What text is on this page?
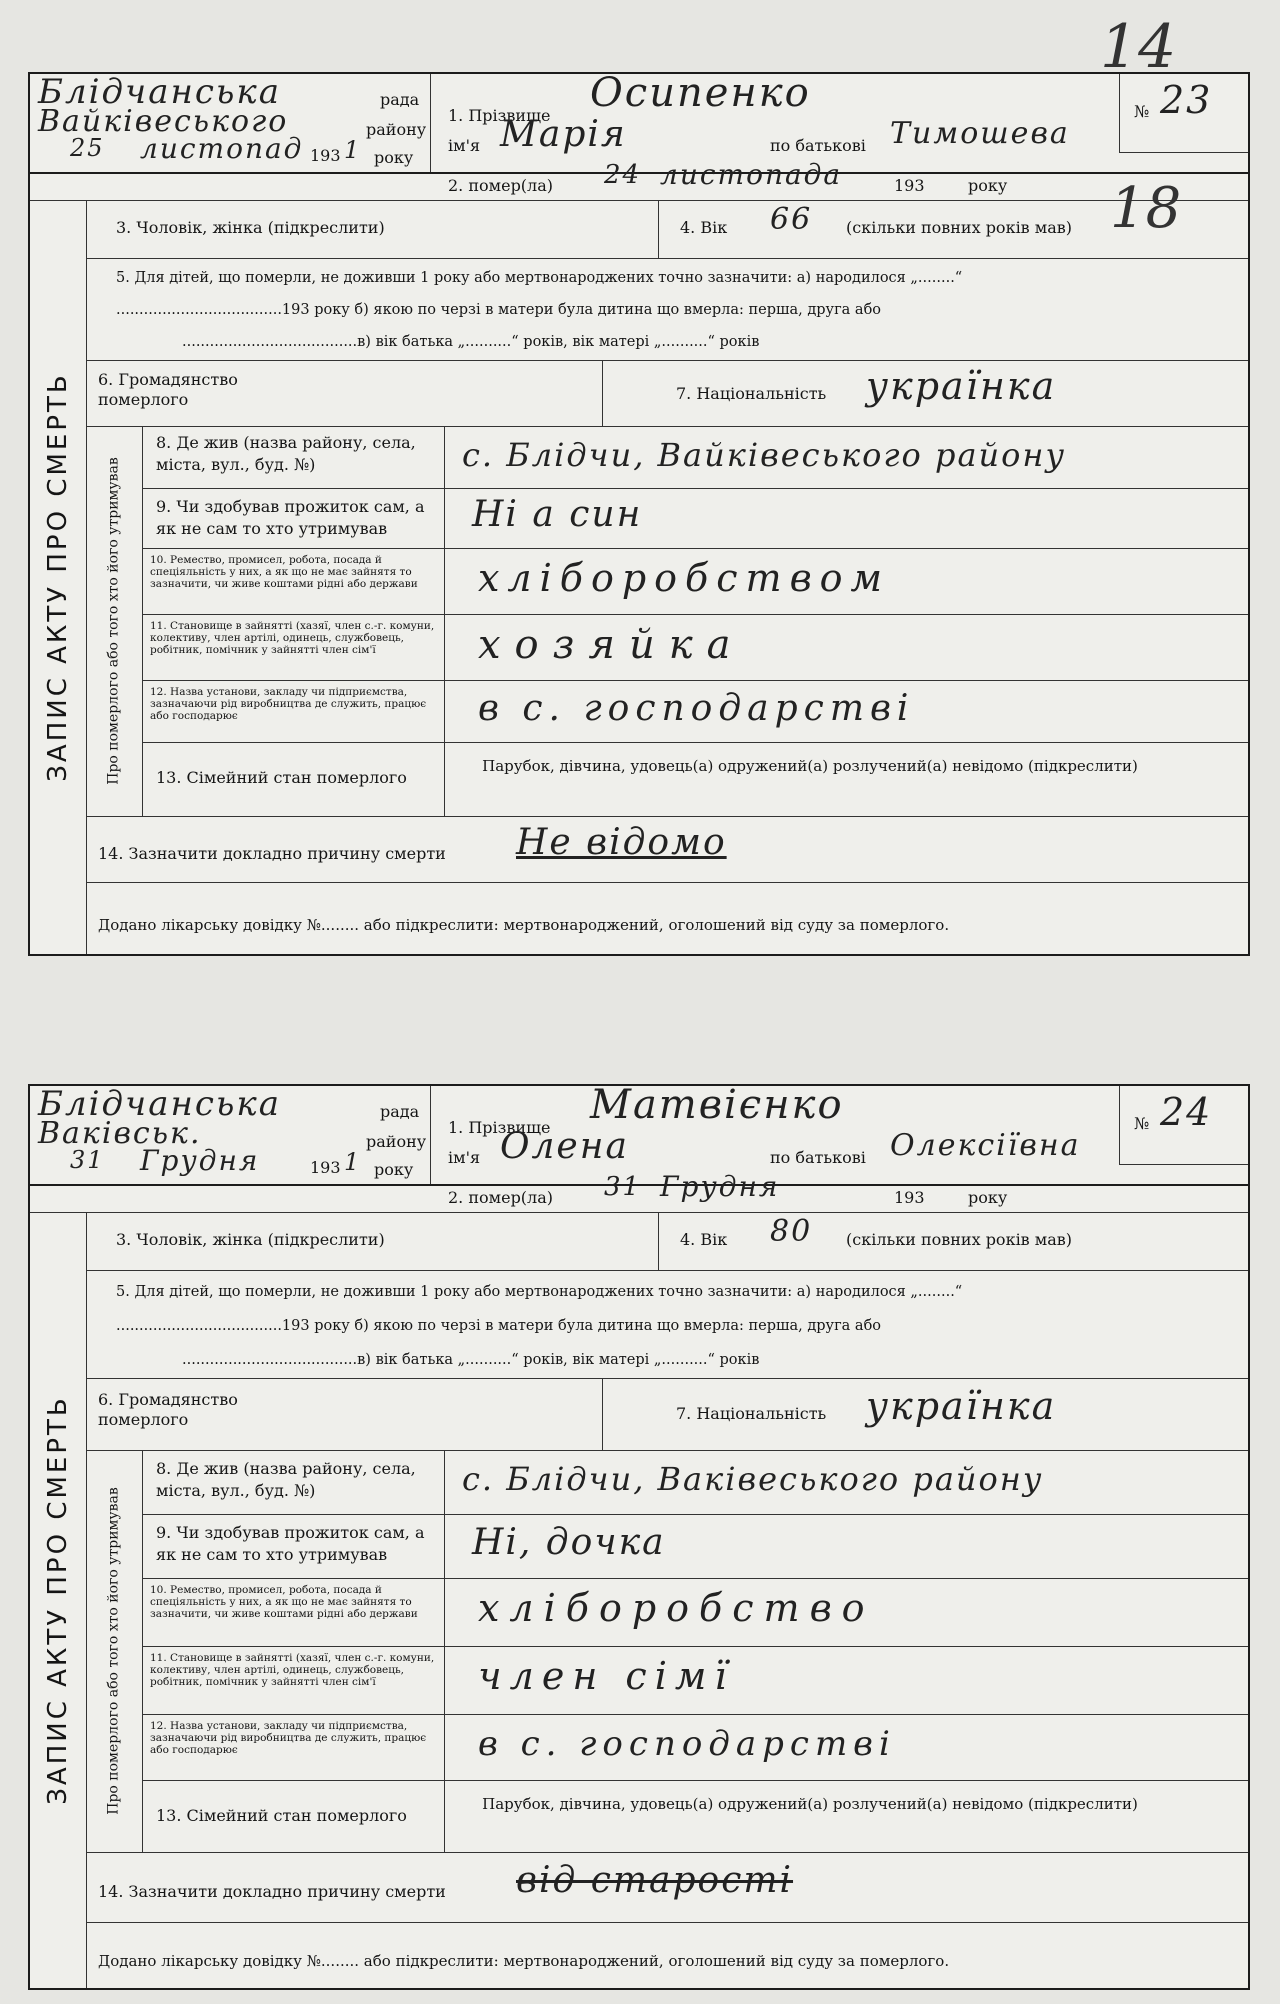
Блідчанська	рада
Вайківеського	району
25 листопад 193 1 року
1. Прізвище Осипенко
ім'я Марія	по батькові Тимошева
№ 23
2. помер(ла) 24 листопада	193	року
ЗАПИС АКТУ ПРО СМЕРТЬ
3. Чоловік, жінка (підкреслити)	4. Вік 66 (скільки повних років мав)
5. Для дітей, що померли, не доживши 1 року або мертвонароджених точно зазначити: а) народилося „........“
....................................193 року б) якою по черзі в матери була дитина що вмерла: перша, друга або
......................................в) вік батька „..........“ років, вік матері „..........“ років
6. Громадянство померлого	7. Національність українка
Про померлого або того хто його утримував
8. Де жив (назва району, села, міста, вул., буд. №)	с. Блідчи, Вайківеського району
9. Чи здобував прожиток сам, а як не сам то хто утримував	Ні а син
10. Ремество, промисел, робота, посада й спеціяльність у них, а як що не має зайнятя то зазначити, чи живе коштами рідні або держави	хліборобством
11. Становище в зайнятті (хазяї, член с.-г. комуни, колективу, член артілі, одинець, службовець, робітник, помічник у зайнятті член сім'ї	хозяйка
12. Назва установи, закладу чи підприємства, зазначаючи рід виробництва де служить, працює або господарює	в с. господарстві
13. Сімейний стан померлого
Парубок, дівчина, удовець(а) одружений(а) розлучений(а) невідомо (підкреслити)
14. Зазначити докладно причину смерти Не відомо
Додано лікарську довідку №........ або підкреслити: мертвонароджений, оголошений від суду за померлого.
14
18
Блідчанська	рада
Ваківськ.	району
31 Грудня	193 1 року
1. Прізвище Матвієнко
ім'я Олена	по батькові Олексіївна
№ 24
2. помер(ла) 31 Грудня	193	року
ЗАПИС АКТУ ПРО СМЕРТЬ
3. Чоловік, жінка (підкреслити)	4. Вік 80 (скільки повних років мав)
5. Для дітей, що померли, не доживши 1 року або мертвонароджених точно зазначити: а) народилося „........“
....................................193 року б) якою по черзі в матери була дитина що вмерла: перша, друга або
......................................в) вік батька „..........“ років, вік матері „..........“ років
6. Громадянство померлого	7. Національність українка
Про померлого або того хто його утримував
8. Де жив (назва району, села, міста, вул., буд. №)	с. Блідчи, Ваківеського району
9. Чи здобував прожиток сам, а як не сам то хто утримував	Ні, дочка
10. Ремество, промисел, робота, посада й спеціяльність у них, а як що не має зайнятя то зазначити, чи живе коштами рідні або держави	хліборобство
11. Становище в зайнятті (хазяї, член с.-г. комуни, колективу, член артілі, одинець, службовець, робітник, помічник у зайнятті член сім'ї	член сімї
12. Назва установи, закладу чи підприємства, зазначаючи рід виробництва де служить, працює або господарює	в с. господарстві
13. Сімейний стан померлого
Парубок, дівчина, удовець(а) одружений(а) розлучений(а) невідомо (підкреслити)
14. Зазначити докладно причину смерти від старості
Додано лікарську довідку №........ або підкреслити: мертвонароджений, оголошений від суду за померлого.
